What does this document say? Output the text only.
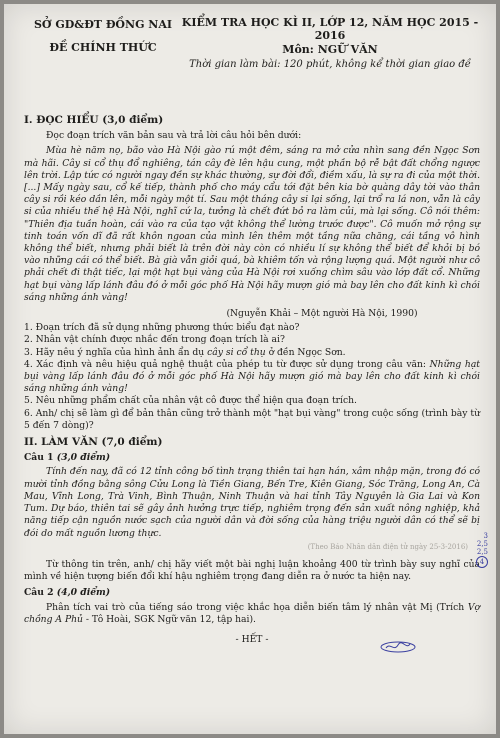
SỞ GD&ĐT ĐỒNG NAI
ĐỀ CHÍNH THỨC
KIỂM TRA HỌC KÌ II, LỚP 12, NĂM HỌC 2015 - 2016
Môn: NGỮ VĂN
Thời gian làm bài: 120 phút, không kể thời gian giao đề
I. ĐỌC HIỂU (3,0 điểm)
Đọc đoạn trích văn bản sau và trả lời câu hỏi bên dưới:

Mùa hè năm nọ, bão vào Hà Nội gào rú một đêm, sáng ra mở cửa nhìn sang đền Ngọc Sơn mà hãi. Cây si cổ thụ đổ nghiêng, tán cây đè lên hậu cung, một phần bộ rễ bật đất chổng ngược lên trời. Lập tức có người ngay đền sự khác thường, sự đời đổi, điềm xấu, là sự ra đi của một thời. [...] Mấy ngày sau, cổ kế tiếp, thành phố cho máy cẩu tới đặt bên kia bờ quàng dây tời vào thân cây si rồi kéo dần lên, mỗi ngày một tí. Sau một tháng cây si lại sống, lại trổ ra lá non, vẫn là cây si của nhiều thế hệ Hà Nội, nghĩ cứ la, tưởng là chết đứt bỏ ra làm củi, mà lại sống. Cô nói thêm: "Thiên địa tuần hoàn, cái vào ra của tạo vật không thể lường trước được". Cô muốn mở rộng sự tinh toán vốn dĩ đã rất khôn ngoan của mình lên thêm một tầng nữa chăng, cái tầng vô hình không thể biết, nhưng phải biết là trên đời này còn có nhiều lí sự không thể biết để khỏi bị bó vào những cái có thể biết. Bà già vẫn giỏi quá, bà khiêm tốn và rộng lượng quá. Một người như cô phải chết đi thật tiếc, lại một hạt bụi vàng của Hà Nội rơi xuống chìm sâu vào lớp đất cổ. Những hạt bụi vàng lấp lánh đâu đó ở mỗi góc phố Hà Nội hãy mượn gió mà bay lên cho đất kinh kì chói sáng những ánh vàng!

(Nguyễn Khải – Một người Hà Nội, 1990)

1. Đoạn trích đã sử dụng những phương thức biểu đạt nào?

2. Nhân vật chính được nhắc đến trong đoạn trích là ai?

3. Hãy nêu ý nghĩa của hình ảnh ẩn dụ cây si cổ thụ ở đền Ngọc Sơn.

4. Xác định và nêu hiệu quả nghệ thuật của phép tu từ được sử dụng trong câu văn: Những hạt bụi vàng lấp lánh đâu đó ở mỗi góc phố Hà Nội hãy mượn gió mà bay lên cho đất kinh kì chói sáng những ánh vàng!

5. Nêu những phẩm chất của nhân vật cô được thể hiện qua đoạn trích.

6. Anh/ chị sẽ làm gì để bản thân cũng trở thành một "hạt bụi vàng" trong cuộc sống (trình bày từ 5 đến 7 dòng)?

II. LÀM VĂN (7,0 điểm)
Câu 1 (3,0 điểm)

Tính đến nay, đã có 12 tỉnh công bố tình trạng thiên tai hạn hán, xâm nhập mặn, trong đó có mười tỉnh đồng bằng sông Cửu Long là Tiền Giang, Bến Tre, Kiên Giang, Sóc Trăng, Long An, Cà Mau, Vĩnh Long, Trà Vinh, Bình Thuận, Ninh Thuận và hai tỉnh Tây Nguyên là Gia Lai và Kon Tum. Dự báo, thiên tai sẽ gây ảnh hưởng trực tiếp, nghiêm trọng đến sản xuất nông nghiệp, khả năng tiếp cận nguồn nước sạch của người dân và đời sống của hàng triệu người dân có thể sẽ bị đói do mất nguồn lương thực.

(Theo Báo Nhân dân điện tử ngày 25-3-2016)

Từ thông tin trên, anh/ chị hãy viết một bài nghị luận khoảng 400 từ trình bày suy nghĩ của mình về hiện tượng biến đổi khí hậu nghiêm trọng đang diễn ra ở nước ta hiện nay.

Câu 2 (4,0 điểm)

Phân tích vai trò của tiếng sáo trong việc khắc họa diễn biến tâm lý nhân vật Mị (Trích Vợ chồng A Phủ - Tô Hoài, SGK Ngữ văn 12, tập hai).

- HẾT -
3
2,5
2,5
4
